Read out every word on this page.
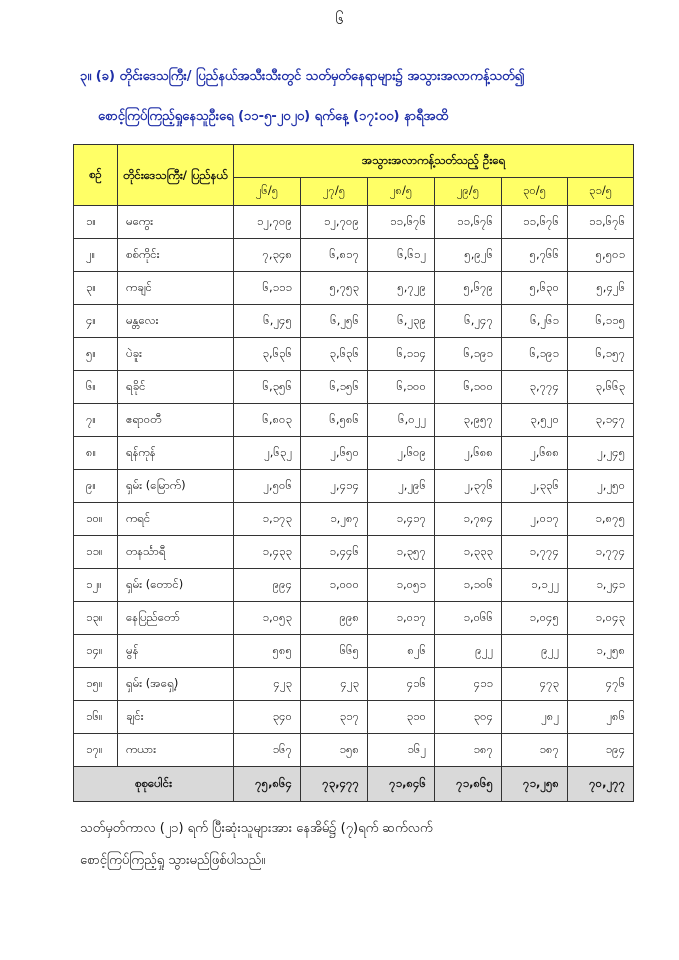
၆
၃။ (ခ) တိုင်းဒေသကြီး/ ပြည်နယ်အသီးသီးတွင် သတ်မှတ်နေရာများ၌ အသွားအလာကန့်သတ်၍
စောင့်ကြပ်ကြည့်ရှုနေသူဦးရေ (၁၁-၅-၂၀၂၀) ရက်နေ့ (၁၇:၀၀) နာရီအထိ
စဉ်	တိုင်းဒေသကြီး/ ပြည်နယ်	အသွားအလာကန့်သတ်သည့် ဦးရေ					
		၂၆/၅	၂၇/၅	၂၈/၅	၂၉/၅	၃၀/၅	၃၁/၅
၁။	မကွေး	၁၂,၇၀၉	၁၂,၇၀၉	၁၁,၆၇၆	၁၁,၆၇၆	၁၁,၆၇၆	၁၁,၆၇၆
၂။	စစ်ကိုင်း	၇,၃၄၈	၆,၈၁၇	၆,၆၁၂	၅,၉၂၆	၅,၇၆၆	၅,၅၀၁
၃။	ကချင်	၆,၁၁၁	၅,၇၅၃	၅,၇၂၉	၅,၆၇၉	၅,၆၃၀	၅,၄၂၆
၄။	မန္တလေး	၆,၂၄၅	၆,၂၅၆	၆,၂၃၉	၆,၂၄၇	၆,၂၆၁	၆,၁၁၅
၅။	ပဲခူး	၃,၆၃၆	၃,၆၃၆	၆,၁၁၄	၆,၁၉၁	၆,၁၉၁	၆,၁၅၇
၆။	ရခိုင်	၆,၃၅၆	၆,၁၅၆	၆,၁၀၀	၆,၁၀၀	၃,၇၇၄	၃,၆၆၃
၇။	ဧရာဝတီ	၆,၈၀၃	၆,၅၈၆	၆,၀၂၂	၃,၉၅၇	၃,၅၂၀	၃,၁၄၇
၈။	ရန်ကုန်	၂,၆၃၂	၂,၆၅၀	၂,၆၀၉	၂,၆၈၈	၂,၆၈၈	၂,၂၄၅
၉။	ရှမ်း (မြောက်)	၂,၅၀၆	၂,၄၁၄	၂,၂၉၆	၂,၃၇၆	၂,၃၃၆	၂,၂၅၀
၁၀။	ကရင်	၁,၁၇၃	၁,၂၈၇	၁,၄၁၇	၁,၇၈၄	၂,၀၁၇	၁,၈၇၅
၁၁။	တနင်္သာရီ	၁,၄၃၃	၁,၄၄၆	၁,၃၅၇	၁,၃၃၃	၁,၇၇၄	၁,၇၇၄
၁၂။	ရှမ်း (တောင်)	၉၉၄	၁,၀၀၀	၁,၀၅၁	၁,၁၀၆	၁,၁၂၂	၁,၂၄၁
၁၃။	နေပြည်တော်	၁,၀၅၃	၉၉၈	၁,၀၁၇	၁,၀၆၆	၁,၀၄၅	၁,၀၄၃
၁၄။	မွန်	၅၈၅	၆၆၅	၈၂၆	၉၂၂	၉၂၂	၁,၂၅၈
၁၅။	ရှမ်း (အရှေ့)	၄၂၃	၄၂၃	၄၁၆	၄၁၁	၄၇၃	၄၇၆
၁၆။	ချင်း	၃၄၀	၃၁၇	၃၁၀	၃၀၄	၂၈၂	၂၈၆
၁၇။	ကယား	၁၆၇	၁၅၈	၁၆၂	၁၈၇	၁၈၇	၁၉၄
စုစုပေါင်း		၇၅,၈၆၄	၇၃,၄၇၇	၇၁,၈၄၆	၇၁,၈၆၅	၇၁,၂၅၈	၇၀,၂၇၇
သတ်မှတ်ကာလ (၂၁) ရက် ပြီးဆုံးသူများအား နေအိမ်၌ (၇)ရက် ဆက်လက်
စောင့်ကြပ်ကြည့်ရှု သွားမည်ဖြစ်ပါသည်။
